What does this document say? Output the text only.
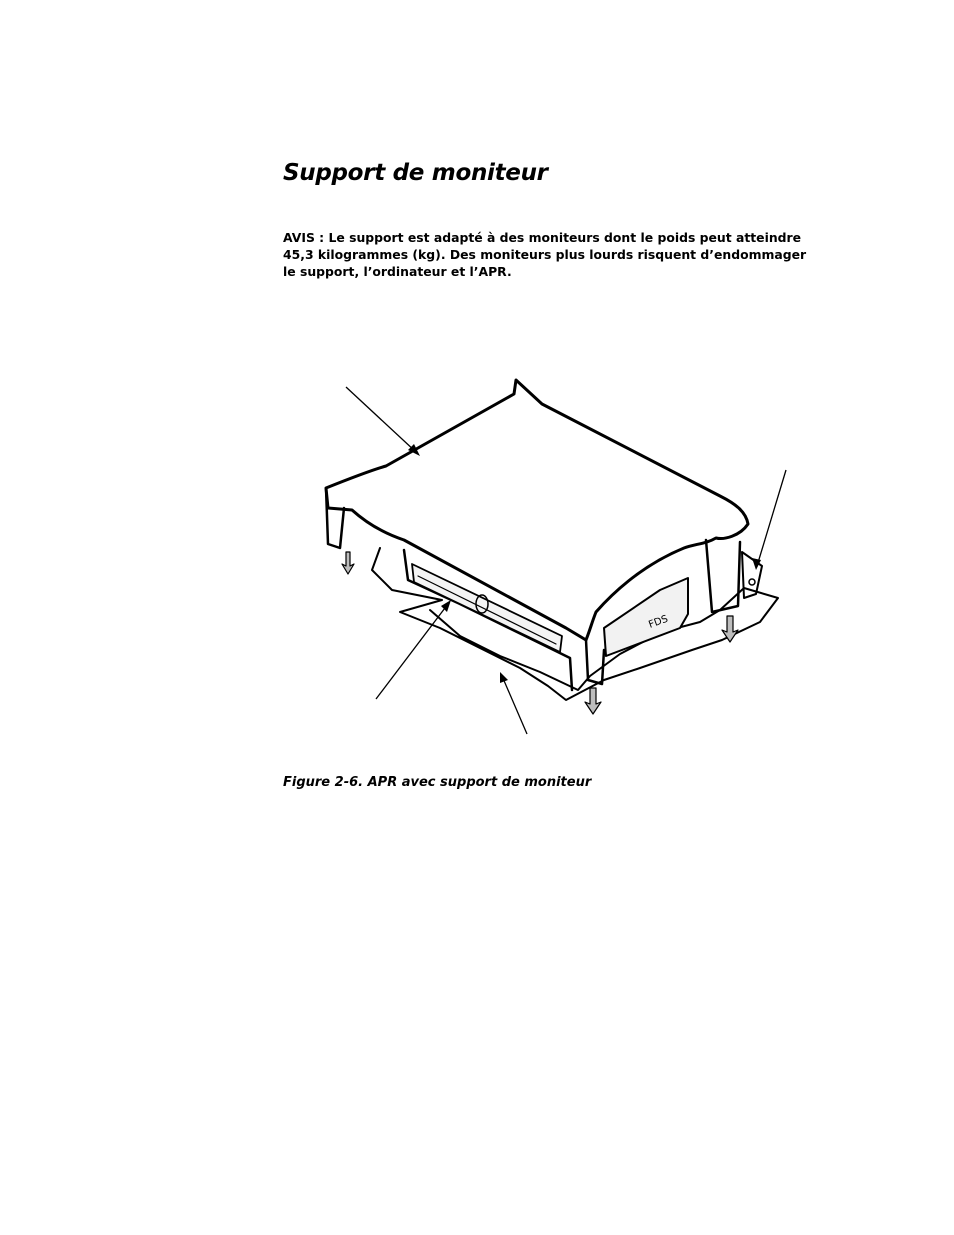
Support de moniteur

AVIS : Le support est adapté à des moniteurs dont le poids peut atteindre
45,3 kilogrammes (kg). Des moniteurs plus lourds risquent d’endommager
le support, l’ordinateur et l’APR.

FDS

Figure 2-6. APR avec support de moniteur
